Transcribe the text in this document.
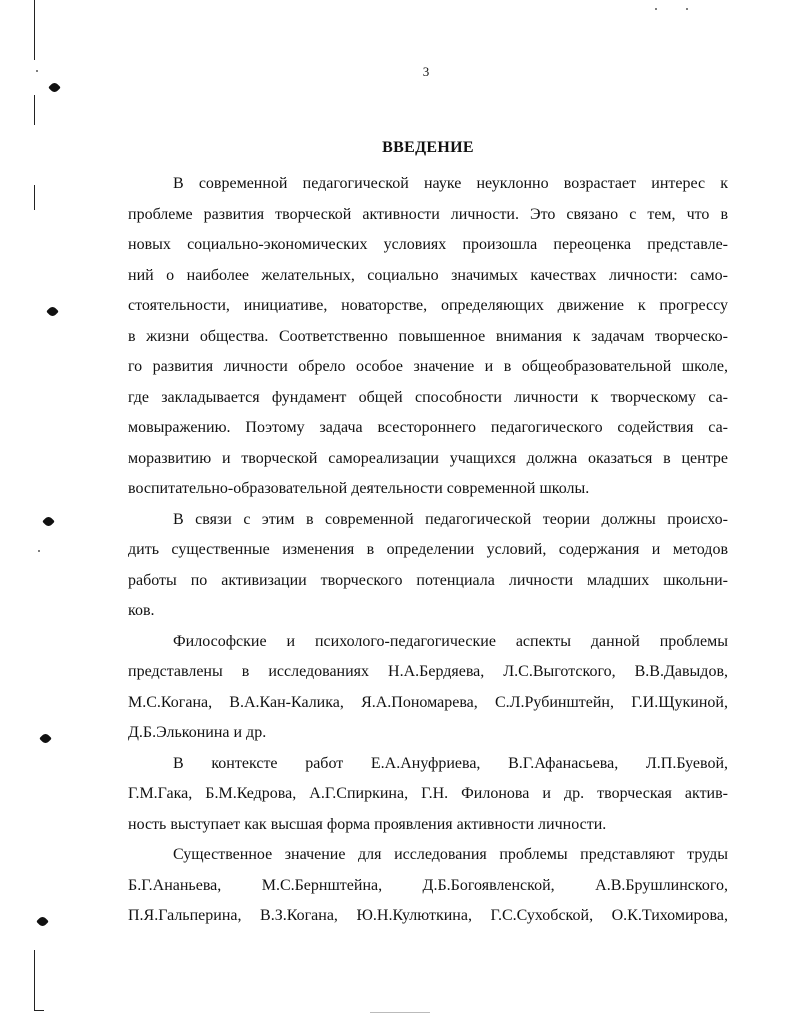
3
ВВЕДЕНИЕ
В современной педагогической науке неуклонно возрастает интерес к
проблеме развития творческой активности личности. Это связано с тем, что в
новых социально-экономических условиях произошла переоценка представле-
ний о наиболее желательных, социально значимых качествах личности: само-
стоятельности, инициативе, новаторстве, определяющих движение к прогрессу
в жизни общества. Соответственно повышенное внимания к задачам творческо-
го развития личности обрело особое значение и в общеобразовательной школе,
где закладывается фундамент общей способности личности к творческому са-
мовыражению. Поэтому задача всестороннего педагогического содействия са-
моразвитию и творческой самореализации учащихся должна оказаться в центре
воспитательно-образовательной деятельности современной школы.
В связи с этим в современной педагогической теории должны происхо-
дить существенные изменения в определении условий, содержания и методов
работы по активизации творческого потенциала личности младших школьни-
ков.
Философские и психолого-педагогические аспекты данной проблемы
представлены в исследованиях Н.А.Бердяева, Л.С.Выготского, В.В.Давыдов,
М.С.Когана, В.А.Кан-Калика, Я.А.Пономарева, С.Л.Рубинштейн, Г.И.Щукиной,
Д.Б.Эльконина и др.
В контексте работ Е.А.Ануфриева, В.Г.Афанасьева, Л.П.Буевой,
Г.М.Гака, Б.М.Кедрова, А.Г.Спиркина, Г.Н. Филонова и др. творческая актив-
ность выступает как высшая форма проявления активности личности.
Существенное значение для исследования проблемы представляют труды
Б.Г.Ананьева, М.С.Бернштейна, Д.Б.Богоявленской, А.В.Брушлинского,
П.Я.Гальперина, В.З.Когана, Ю.Н.Кулюткина, Г.С.Сухобской, О.К.Тихомирова,
